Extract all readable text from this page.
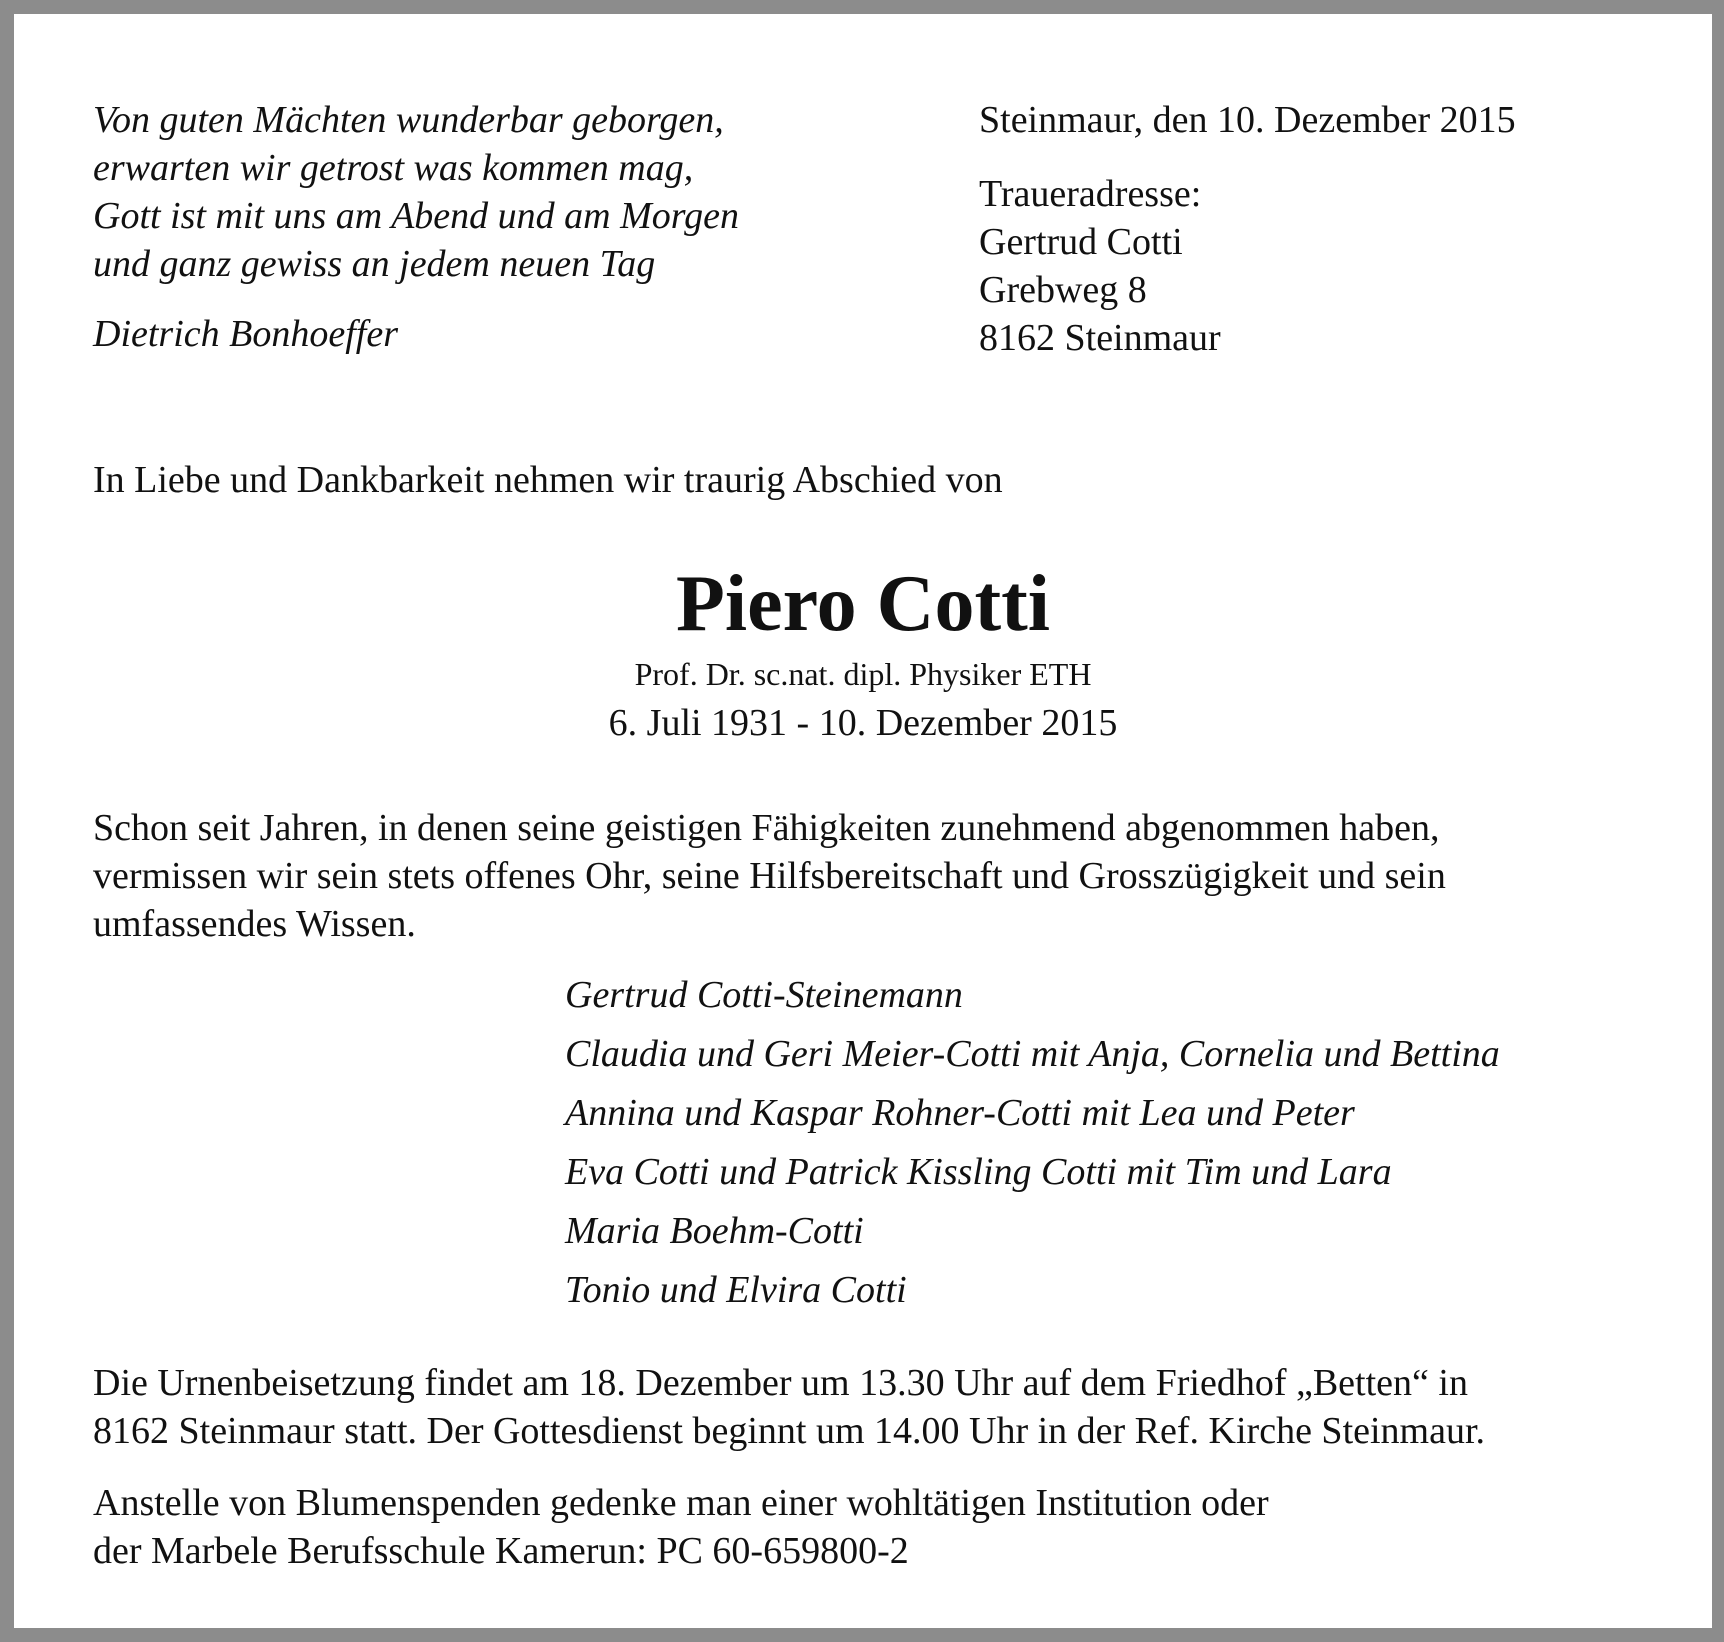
Von guten Mächten wunderbar geborgen,
erwarten wir getrost was kommen mag,
Gott ist mit uns am Abend und am Morgen
und ganz gewiss an jedem neuen Tag
Dietrich Bonhoeffer
Steinmaur, den 10. Dezember 2015
Traueradresse:
Gertrud Cotti
Grebweg 8
8162 Steinmaur
In Liebe und Dankbarkeit nehmen wir traurig Abschied von
Piero Cotti
Prof. Dr. sc.nat. dipl. Physiker ETH
6. Juli 1931 - 10. Dezember 2015
Schon seit Jahren, in denen seine geistigen Fähigkeiten zunehmend abgenommen haben,
vermissen wir sein stets offenes Ohr, seine Hilfsbereitschaft und Grosszügigkeit und sein
umfassendes Wissen.
Gertrud Cotti-Steinemann
Claudia und Geri Meier-Cotti mit Anja, Cornelia und Bettina
Annina und Kaspar Rohner-Cotti mit Lea und Peter
Eva Cotti und Patrick Kissling Cotti mit Tim und Lara
Maria Boehm-Cotti
Tonio und Elvira Cotti
Die Urnenbeisetzung findet am 18. Dezember um 13.30 Uhr auf dem Friedhof „Betten“ in
8162 Steinmaur statt. Der Gottesdienst beginnt um 14.00 Uhr in der Ref. Kirche Steinmaur.
Anstelle von Blumenspenden gedenke man einer wohltätigen Institution oder
der Marbele Berufsschule Kamerun: PC 60-659800-2
